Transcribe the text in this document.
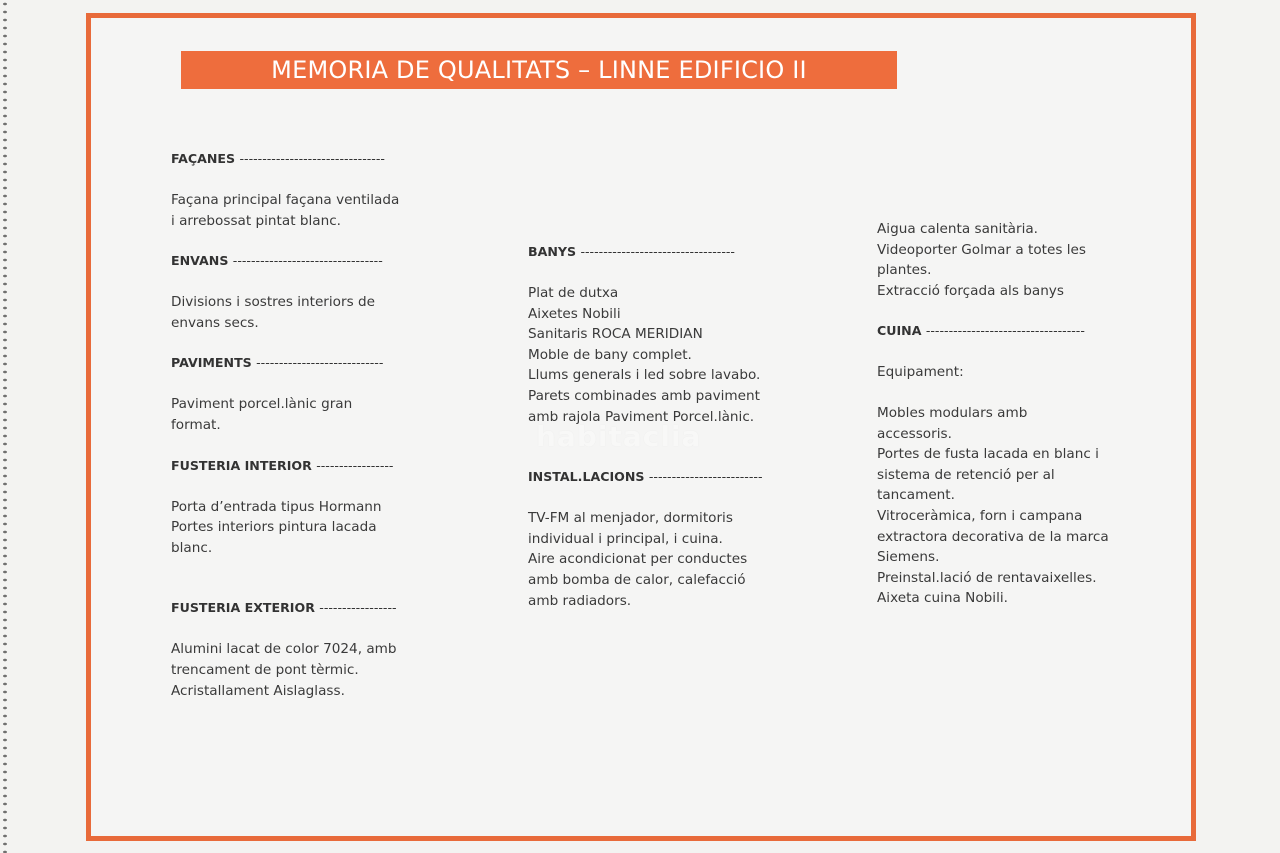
MEMORIA DE QUALITATS – LINNE EDIFICIO II
FAÇANES --------------------------------
Façana principal façana ventilada
i arrebossat pintat blanc.
ENVANS ---------------------------------
Divisions i sostres interiors de
envans secs.
PAVIMENTS ----------------------------
Paviment porcel.lànic gran
format.
FUSTERIA INTERIOR -----------------
Porta d’entrada tipus Hormann
Portes interiors pintura lacada
blanc.
FUSTERIA EXTERIOR -----------------
Alumini lacat de color 7024, amb
trencament de pont tèrmic.
Acristallament Aislaglass.
BANYS ----------------------------------
Plat de dutxa
Aixetes Nobili
Sanitaris ROCA MERIDIAN
Moble de bany complet.
Llums generals i led sobre lavabo.
Parets combinades amb paviment
amb rajola Paviment Porcel.lànic.
INSTAL.LACIONS -------------------------
TV-FM al menjador, dormitoris
individual i principal, i cuina.
Aire acondicionat per conductes
amb bomba de calor, calefacció
amb radiadors.
Aigua calenta sanitària.
Videoporter Golmar a totes les
plantes.
Extracció forçada als banys
CUINA -----------------------------------
Equipament:
Mobles modulars amb
accessoris.
Portes de fusta lacada en blanc i
sistema de retenció per al
tancament.
Vitroceràmica, forn i campana
extractora decorativa de la marca
Siemens.
Preinstal.lació de rentavaixelles.
Aixeta cuina Nobili.
habitaclia
